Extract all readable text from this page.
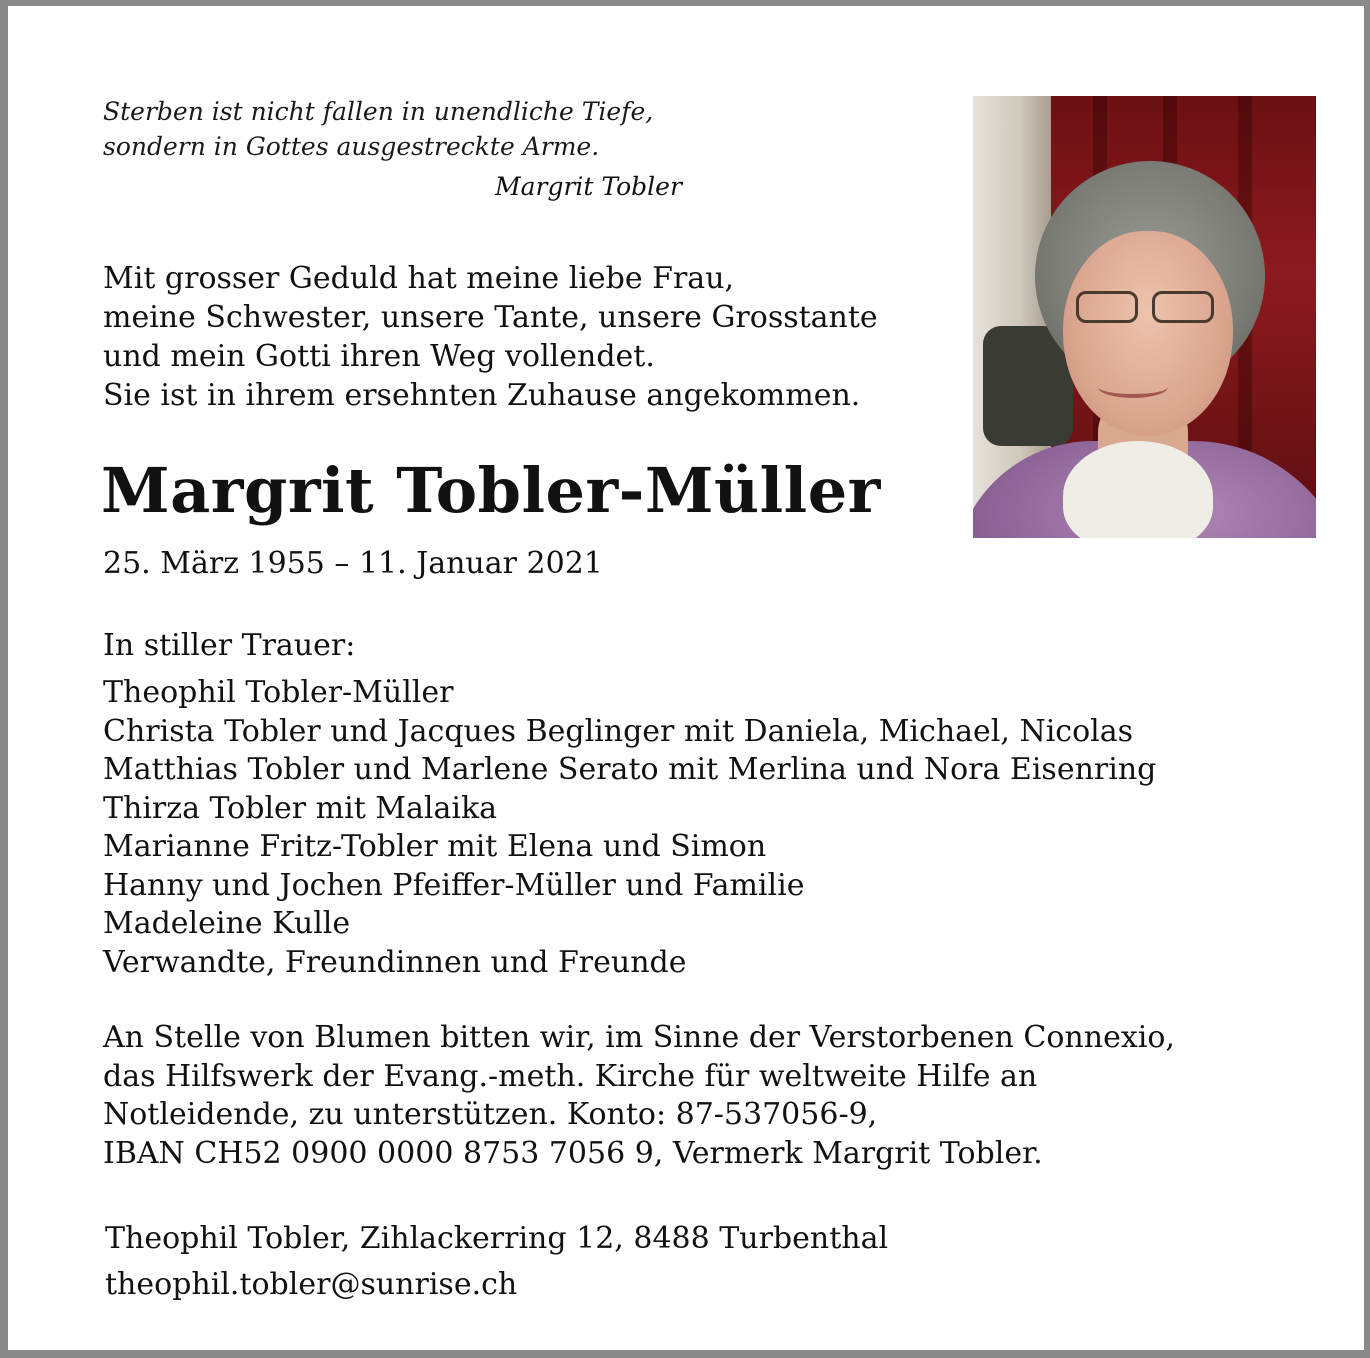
Sterben ist nicht fallen in unendliche Tiefe,
sondern in Gottes ausgestreckte Arme.

Margrit Tobler

Mit grosser Geduld hat meine liebe Frau,
meine Schwester, unsere Tante, unsere Grosstante
und mein Gotti ihren Weg vollendet.
Sie ist in ihrem ersehnten Zuhause angekommen.

Margrit Tobler-Müller
25. März 1955 – 11. Januar 2021
In stiller Trauer:
Theophil Tobler-Müller
Christa Tobler und Jacques Beglinger mit Daniela, Michael, Nicolas
Matthias Tobler und Marlene Serato mit Merlina und Nora Eisenring
Thirza Tobler mit Malaika
Marianne Fritz-Tobler mit Elena und Simon
Hanny und Jochen Pfeiffer-Müller und Familie
Madeleine Kulle
Verwandte, Freundinnen und Freunde

An Stelle von Blumen bitten wir, im Sinne der Verstorbenen Connexio,
das Hilfswerk der Evang.-meth. Kirche für weltweite Hilfe an
Notleidende, zu unterstützen. Konto: 87-537056-9,
IBAN CH52 0900 0000 8753 7056 9, Vermerk Margrit Tobler.

Theophil Tobler, Zihlackerring 12, 8488 Turbenthal
theophil.tobler@sunrise.ch
